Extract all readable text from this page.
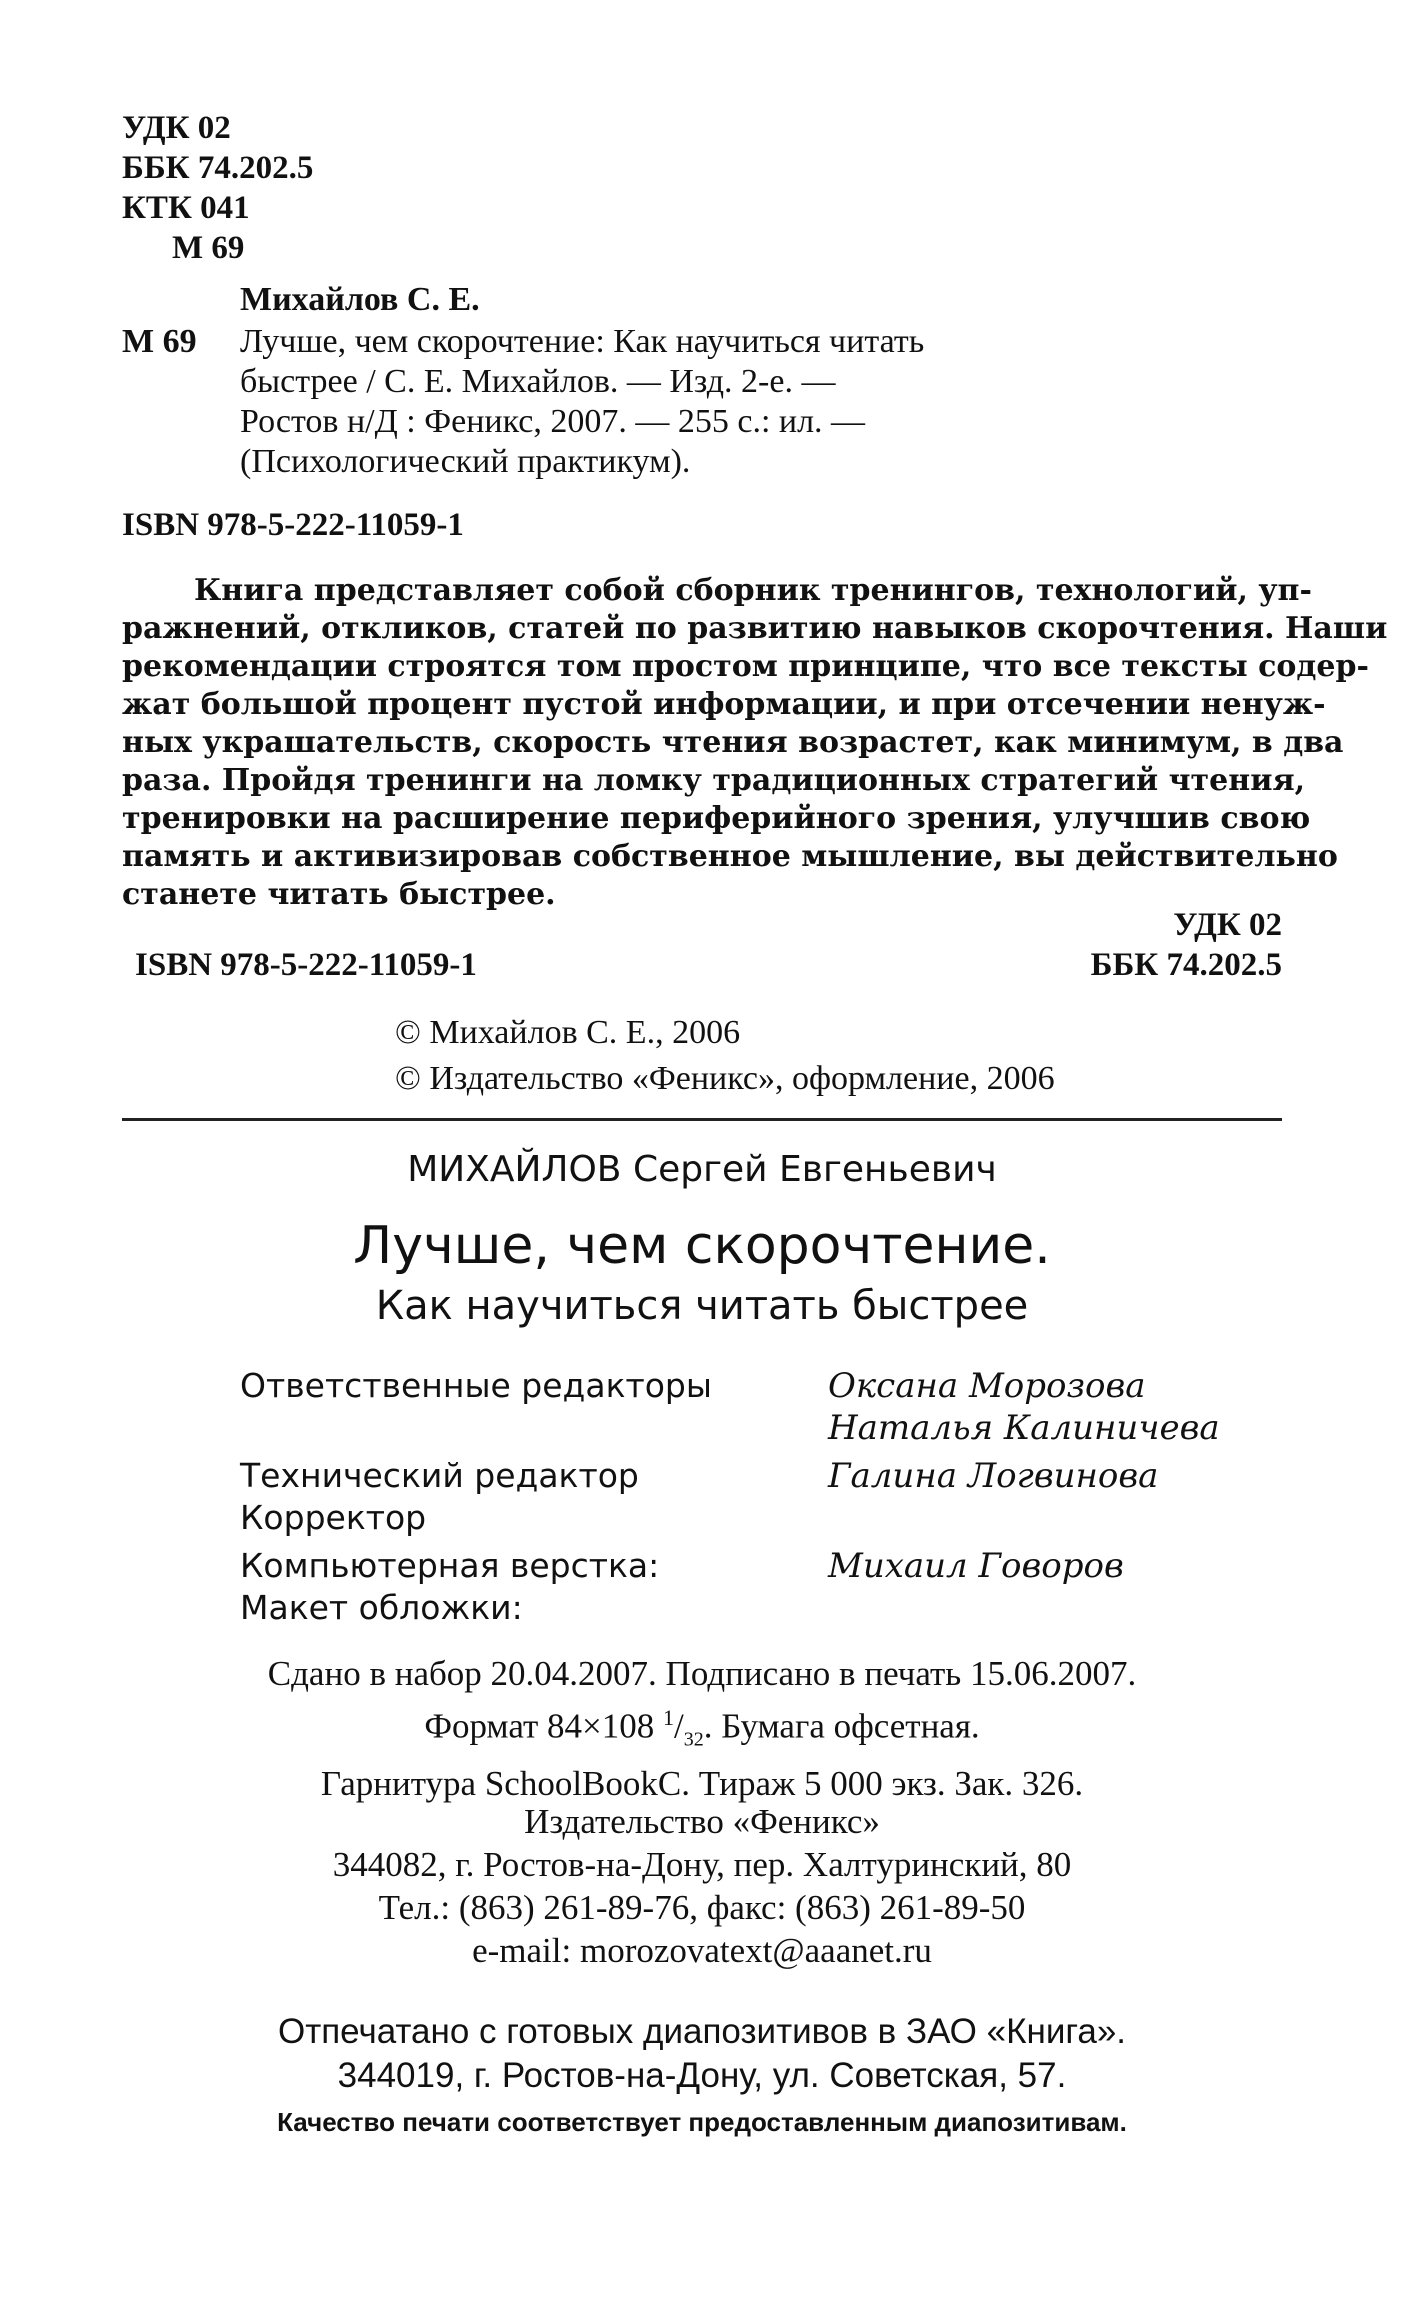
УДК 02
ББК 74.202.5
КТК 041
М 69
Михайлов С. Е.
М 69 Лучше, чем скорочтение: Как научиться читать
быстрее / С. Е. Михайлов. — Изд. 2-е. —
Ростов н/Д : Феникс, 2007. — 255 с.: ил. —
(Психологический практикум).
ISBN 978-5-222-11059-1
Книга представляет собой сборник тренингов, технологий, уп-
ражнений, откликов, статей по развитию навыков скорочтения. Наши
рекомендации строятся том простом принципе, что все тексты содер-
жат большой процент пустой информации, и при отсечении ненуж-
ных украшательств, скорость чтения возрастет, как минимум, в два
раза. Пройдя тренинги на ломку традиционных стратегий чтения,
тренировки на расширение периферийного зрения, улучшив свою
память и активизировав собственное мышление, вы действительно
станете читать быстрее.
УДК 02
ISBN 978-5-222-11059-1	ББК 74.202.5
© Михайлов С. Е., 2006
© Издательство «Феникс», оформление, 2006
МИХАЙЛОВ Сергей Евгеньевич
Лучше, чем скорочтение.
Как научиться читать быстрее
Ответственные редакторы
Технический редактор
Корректор
Компьютерная верстка:
Макет обложки:
Оксана Морозова
Наталья Калиничева
Галина Логвинова
Михаил Говоров
Сдано в набор 20.04.2007. Подписано в печать 15.06.2007.
Формат 84×108 $^1/_{32}$. Бумага офсетная.
Гарнитура SchoolBookC. Тираж 5 000 экз. Зак. 326.
Издательство «Феникс»
344082, г. Ростов-на-Дону, пер. Халтуринский, 80
Тел.: (863) 261-89-76, факс: (863) 261-89-50
e-mail: morozovatext@aaanet.ru
Отпечатано с готовых диапозитивов в ЗАО «Книга».
344019, г. Ростов-на-Дону, ул. Советская, 57.
Качество печати соответствует предоставленным диапозитивам.
